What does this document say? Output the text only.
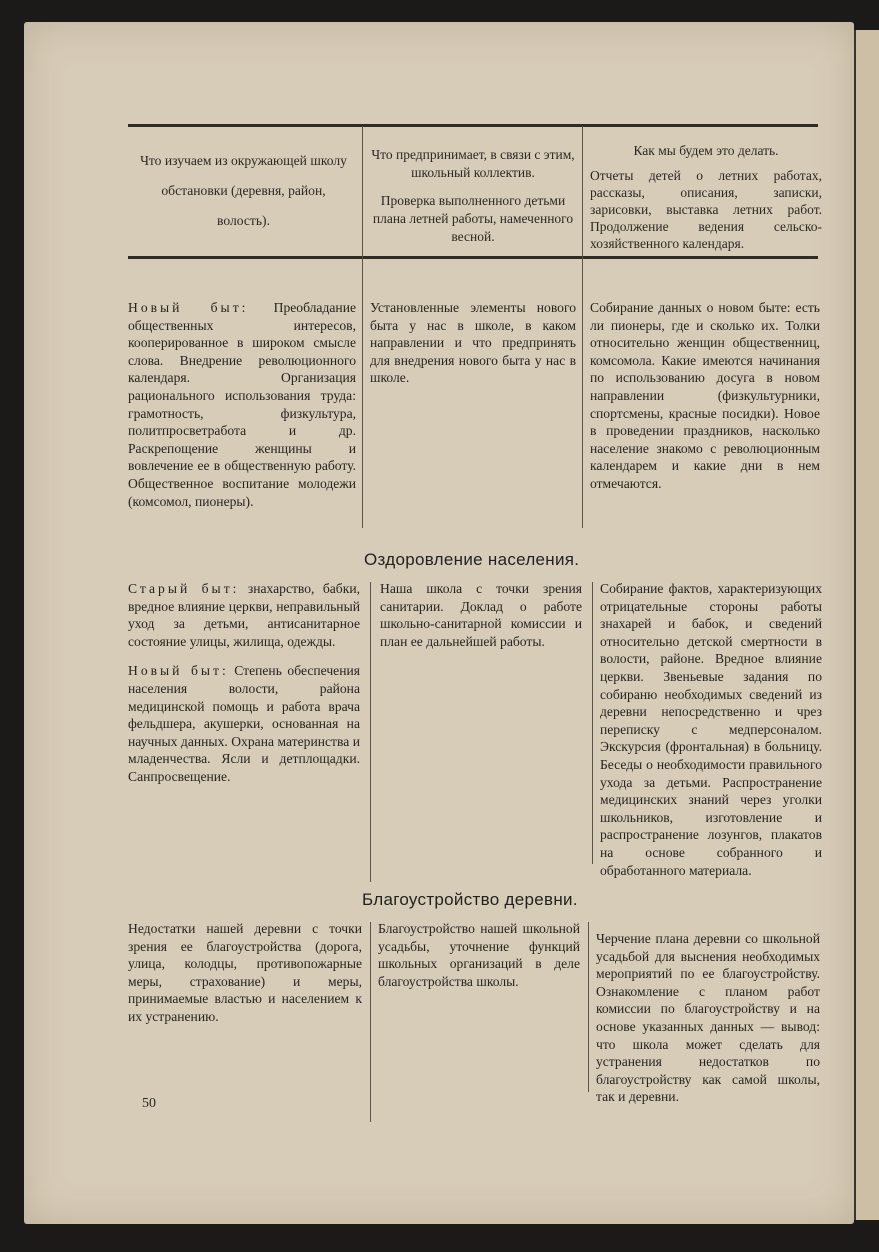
Что изучаем из окружающей школу обстановки (деревня, район, волость).

Что предпринимает, в связи с этим, школьный коллектив.

Проверка выполненного детьми плана летней работы, намеченного весной.

Как мы будем это делать.

Отчеты детей о летних работах, рассказы, описания, записки, зарисовки, выставка летних работ. Продолжение ведения сельско-хозяйственного календаря.

Новый быт: Преобладание общественных интересов, кооперированное в широком смысле слова. Внедрение революционного календаря. Организация рационального использования труда: грамотность, физкультура, политпросветработа и др. Раскрепощение женщины и вовлечение ее в общественную работу. Общественное воспитание молодежи (комсомол, пионеры).
Установленные элементы нового быта у нас в школе, в каком направлении и что предпринять для внедрения нового быта у нас в школе.
Собирание данных о новом быте: есть ли пионеры, где и сколько их. Толки относительно женщин общественниц, комсомола. Какие имеются начинания по использованию досуга в новом направлении (физкультурники, спортсмены, красные посидки). Новое в проведении праздников, насколько население знакомо с революционным календарем и какие дни в нем отмечаются.
Оздоровление населения.

Старый быт: знахарство, бабки, вредное влияние церкви, неправильный уход за детьми, антисанитарное состояние улицы, жилища, одежды.

Новый быт: Степень обеспечения населения волости, района медицинской помощь и работа врача фельдшера, акушерки, основанная на научных данных. Охрана материнства и младенчества. Ясли и детплощадки. Санпросвещение.

Наша школа с точки зрения санитарии. Доклад о работе школьно-санитарной комиссии и план ее дальнейшей работы.
Собирание фактов, характеризующих отрицательные стороны работы знахарей и бабок, и сведений относительно детской смертности в волости, районе. Вредное влияние церкви. Звеньевые задания по собираню необходимых сведений из деревни непосредственно и чрез переписку с медперсоналом. Экскурсия (фронтальная) в больницу. Беседы о необходимости правильного ухода за детьми. Распространение медицинских знаний через уголки школьников, изготовление и распространение лозунгов, плакатов на основе собранного и обработанного материала.
Благоустройство деревни.
Недостатки нашей деревни с точки зрения ее благоустройства (дорога, улица, колодцы, противопожарные меры, страхование) и меры, принимаемые властью и населением к их устранению.
Благоустройство нашей школьной усадьбы, уточнение функций школьных организаций в деле благоустройства школы.
Черчение плана деревни со школьной усадьбой для выснения необходимых мероприятий по ее благоустройству. Ознакомление с планом работ комиссии по благоустройству и на основе указанных данных — вывод: что школа может сделать для устранения недостатков по благоустройству как самой школы, так и деревни.
50
